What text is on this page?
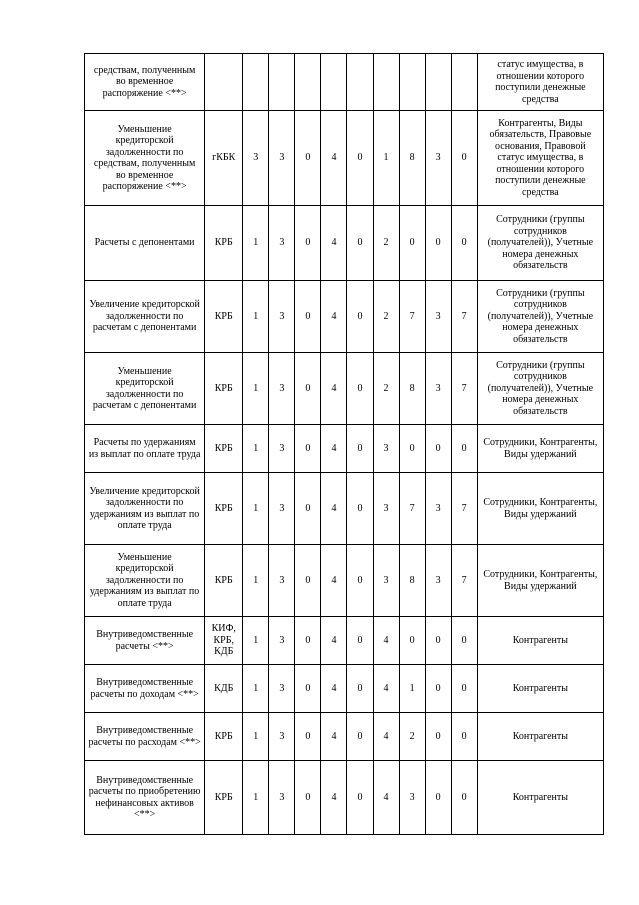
средствам, полученным во временное распоряжение <**>											статус имущества, в отношении которого поступили денежные средства
Уменьшение кредиторской задолженности по средствам, полученным во временное распоряжение <**>	гКБК	3	3	0	4	0	1	8	3	0	Контрагенты, Виды обязательств, Правовые основания, Правовой статус имущества, в отношении которого поступили денежные средства
Расчеты с депонентами	КРБ	1	3	0	4	0	2	0	0	0	Сотрудники (группы сотрудников (получателей)), Учетные номера денежных обязательств
Увеличение кредиторской задолженности по расчетам с депонентами	КРБ	1	3	0	4	0	2	7	3	7	Сотрудники (группы сотрудников (получателей)), Учетные номера денежных обязательств
Уменьшение кредиторской задолженности по расчетам с депонентами	КРБ	1	3	0	4	0	2	8	3	7	Сотрудники (группы сотрудников (получателей)), Учетные номера денежных обязательств
Расчеты по удержаниям из выплат по оплате труда	КРБ	1	3	0	4	0	3	0	0	0	Сотрудники, Контрагенты, Виды удержаний
Увеличение кредиторской задолженности по удержаниям из выплат по оплате труда	КРБ	1	3	0	4	0	3	7	3	7	Сотрудники, Контрагенты, Виды удержаний
Уменьшение кредиторской задолженности по удержаниям из выплат по оплате труда	КРБ	1	3	0	4	0	3	8	3	7	Сотрудники, Контрагенты, Виды удержаний
Внутриведомственные расчеты <**>	КИФ, КРБ, КДБ	1	3	0	4	0	4	0	0	0	Контрагенты
Внутриведомственные расчеты по доходам <**>	КДБ	1	3	0	4	0	4	1	0	0	Контрагенты
Внутриведомственные расчеты по расходам <**>	КРБ	1	3	0	4	0	4	2	0	0	Контрагенты
Внутриведомственные расчеты по приобретению нефинансовых активов <**>	КРБ	1	3	0	4	0	4	3	0	0	Контрагенты
